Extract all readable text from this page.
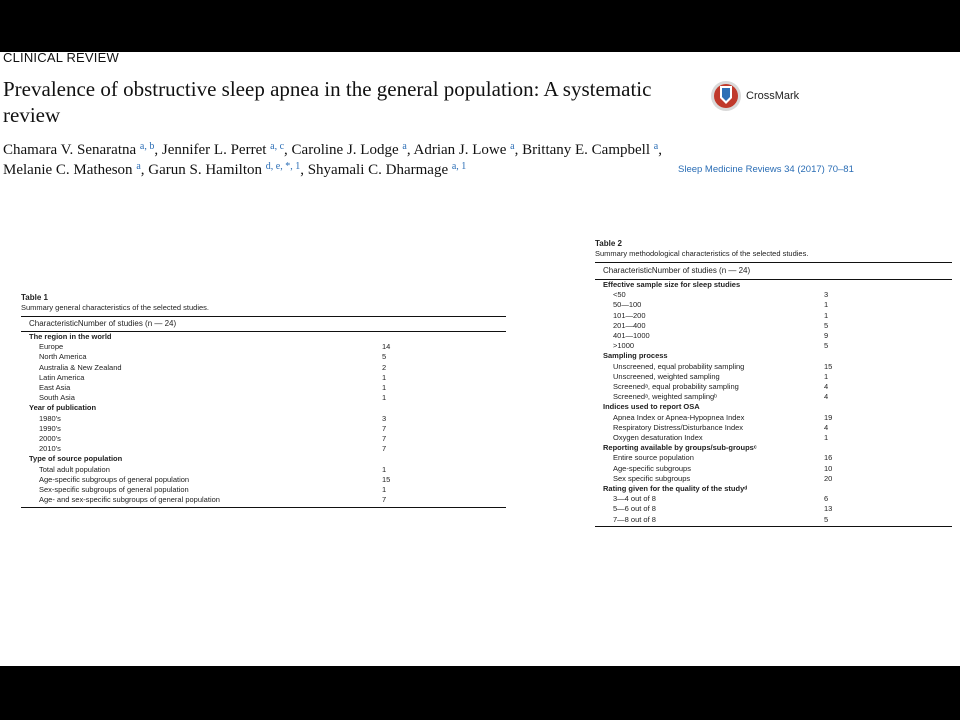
CLINICAL REVIEW
Prevalence of obstructive sleep apnea in the general population: A systematic review
CrossMark
Chamara V. Senaratna $^{a, b}$, Jennifer L. Perret $^{a, c}$, Caroline J. Lodge $^a$, Adrian J. Lowe $^a$, Brittany E. Campbell $^a$, Melanie C. Matheson $^a$, Garun S. Hamilton $^{d, e, *, 1}$, Shyamali C. Dharmage $^{a, 1}$	Sleep Medicine Reviews 34 (2017) 70–81
Table 1
Summary general characteristics of the selected studies.
Characteristic Number of studies (n — 24)
The region in the world
Europe	14
North America	5
Australia & New Zealand	2
Latin America	1
East Asia	1
South Asia	1
Year of publication
1980's	3
1990's	7
2000's	7
2010's	7
Type of source population
Total adult population	1
Age-specific subgroups of general population	15
Sex-specific subgroups of general population	1
Age- and sex-specific subgroups of general population	7
Table 2
Summary methodological characteristics of the selected studies.
Characteristic Number of studies (n — 24)
Effective sample size for sleep studies
<50	3
50—100	1
101—200	1
201—400	5
401—1000	9
>1000	5
Sampling process
Unscreened, equal probability sampling	15
Unscreened, weighted sampling	1
Screenedᵃ, equal probability sampling	4
Screenedᵃ, weighted samplingᵇ	4
Indices used to report OSA
Apnea Index or Apnea-Hypopnea Index	19
Respiratory Distress/Disturbance Index	4
Oxygen desaturation Index	1
Reporting available by groups/sub-groupsᶜ
Entire source population	16
Age-specific subgroups	10
Sex specific subgroups	20
Rating given for the quality of the studyᵈ
3—4 out of 8	6
5—6 out of 8	13
7—8 out of 8	5
